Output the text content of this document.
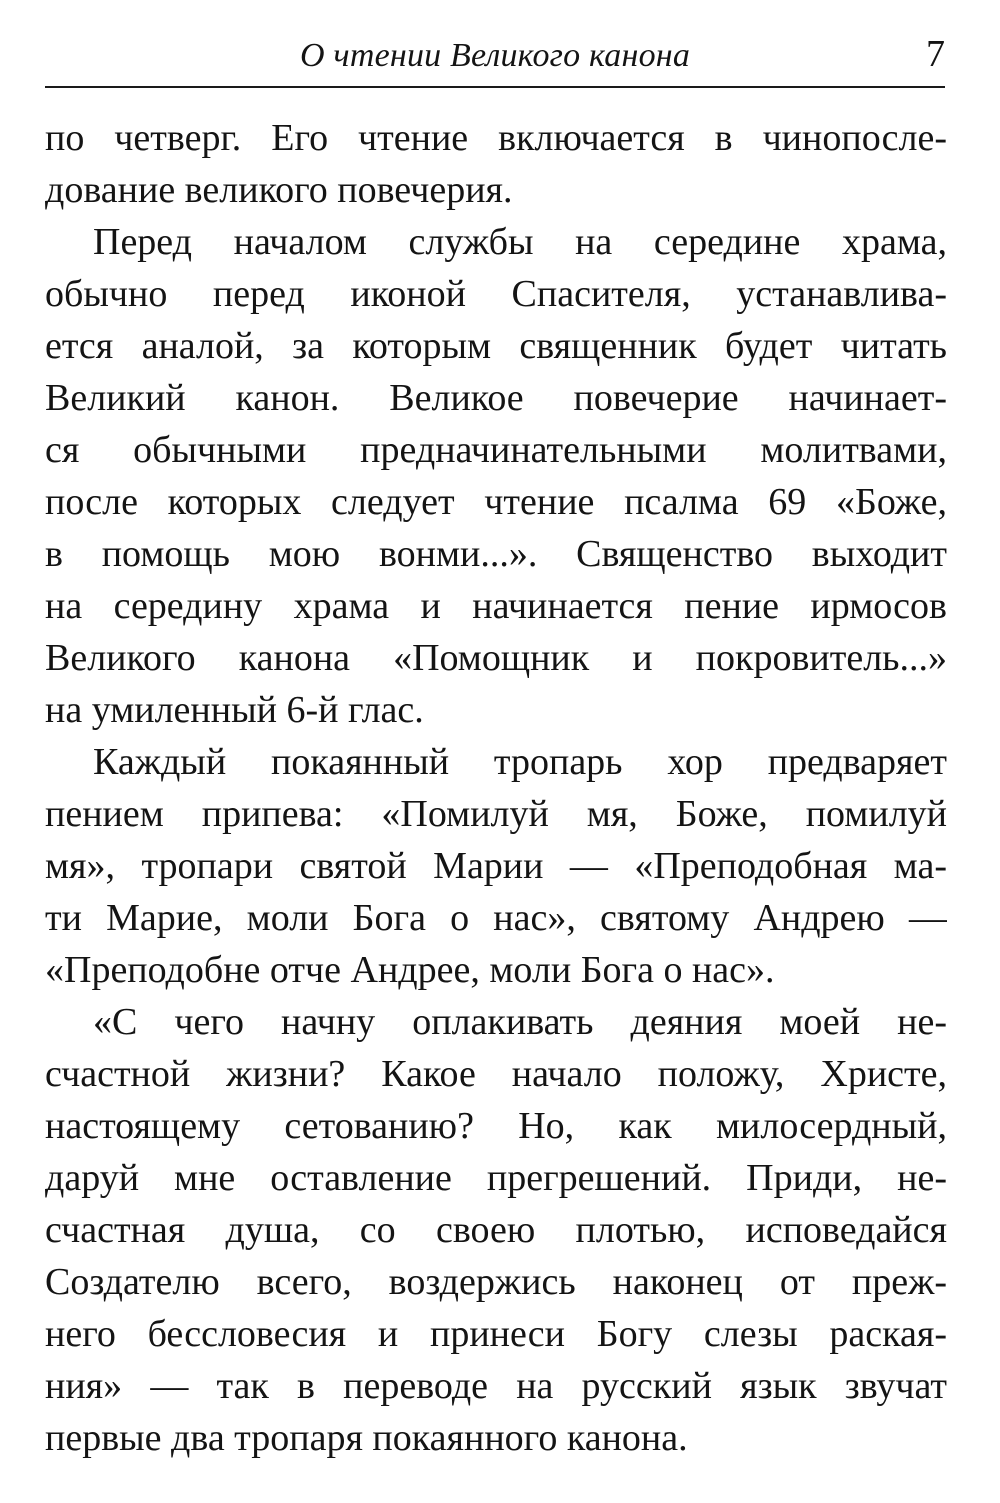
О чтении Великого канона	7

по четверг. Его чтение включается в чинопосле-
дование великого повечерия.

Перед началом службы на середине храма,
обычно перед иконой Спасителя, устанавлива-
ется аналой, за которым священник будет читать
Великий канон. Великое повечерие начинает-
ся обычными предначинательными молитвами,
после которых следует чтение псалма 69 «Боже,
в помощь мою вонми...». Священство выходит
на середину храма и начинается пение ирмосов
Великого канона «Помощник и покровитель...»
на умиленный 6-й глас.

Каждый покаянный тропарь хор предваряет
пением припева: «Помилуй мя, Боже, помилуй
мя», тропари святой Марии — «Преподобная ма-
ти Марие, моли Бога о нас», святому Андрею —
«Преподобне отче Андрее, моли Бога о нас».

«С чего начну оплакивать деяния моей не-
счастной жизни? Какое начало положу, Христе,
настоящему сетованию? Но, как милосердный,
даруй мне оставление прегрешений. Приди, не-
счастная душа, со своею плотью, исповедайся
Создателю всего, воздержись наконец от преж-
него бессловесия и принеси Богу слезы раская-
ния» — так в переводе на русский язык звучат
первые два тропаря покаянного канона.
